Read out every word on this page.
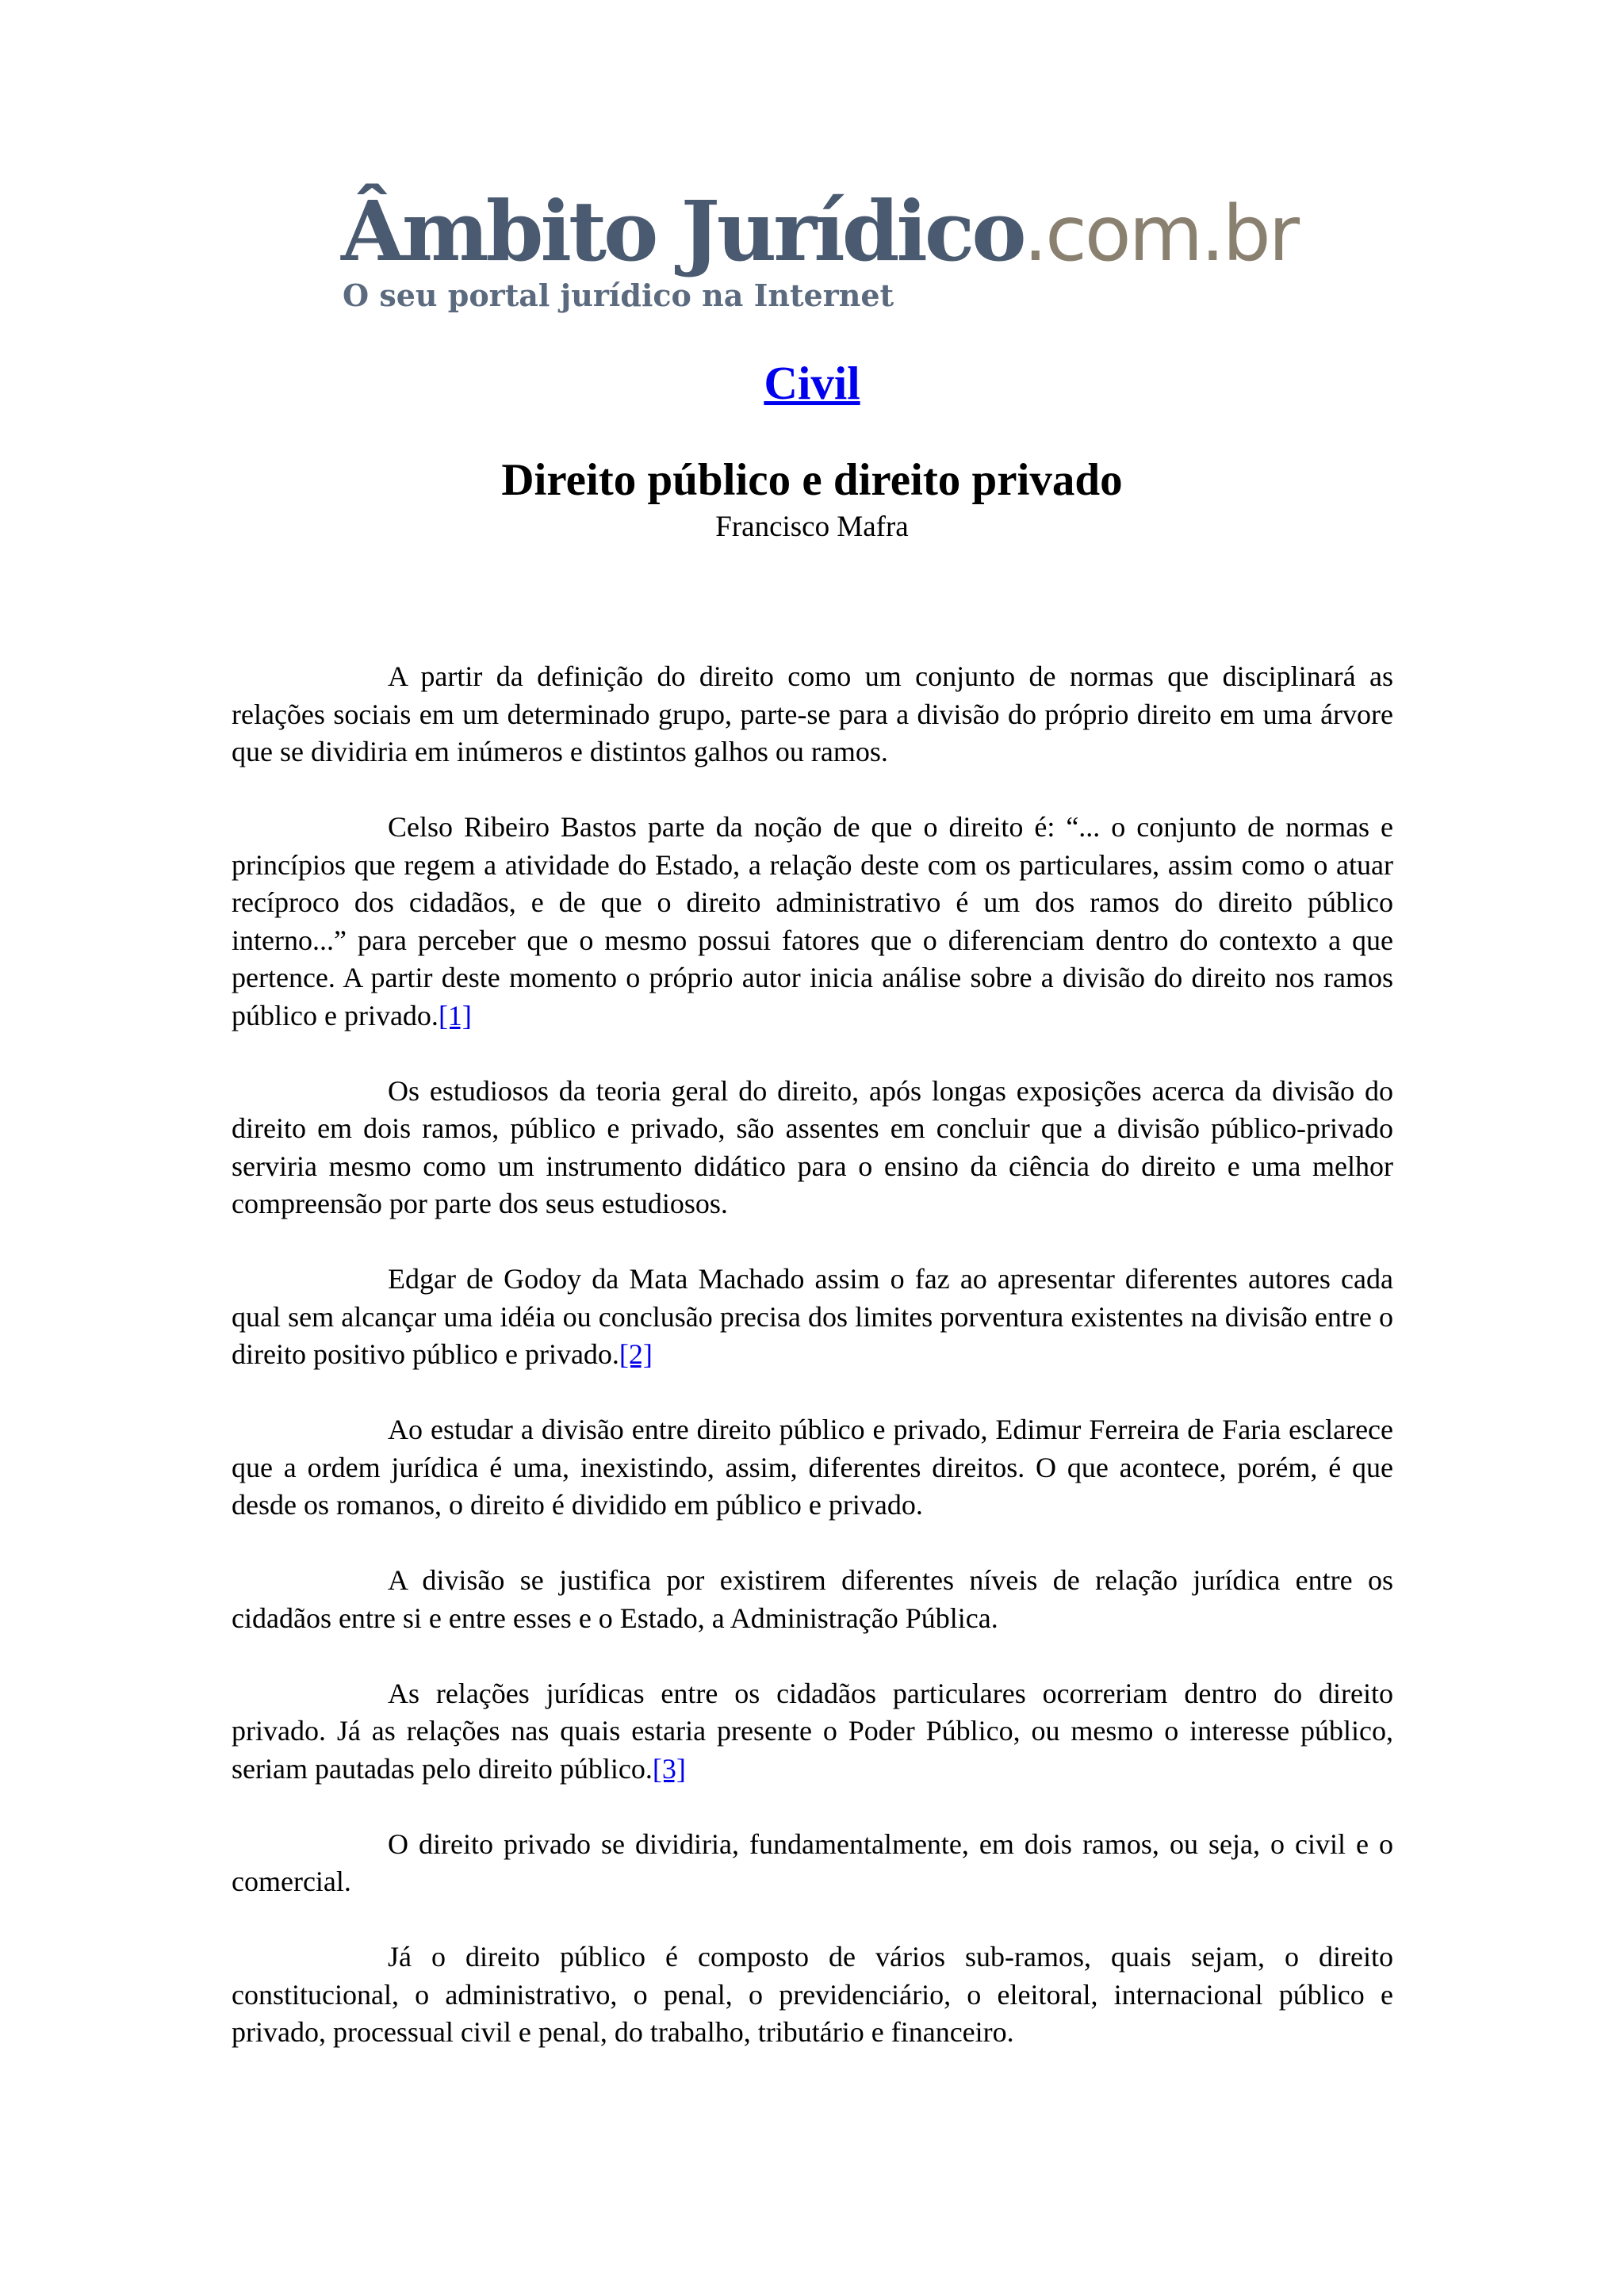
Âmbito Jurídico.com.br
O seu portal jurídico na Internet
Civil
Direito público e direito privado
Francisco Mafra

A partir da definição do direito como um conjunto de normas que disciplinará as relações sociais em um determinado grupo, parte-se para a divisão do próprio direito em uma árvore que se dividiria em inúmeros e distintos galhos ou ramos.

Celso Ribeiro Bastos parte da noção de que o direito é: “... o conjunto de normas e princípios que regem a atividade do Estado, a relação deste com os particulares, assim como o atuar recíproco dos cidadãos, e de que o direito administrativo é um dos ramos do direito público interno...” para perceber que o mesmo possui fatores que o diferenciam dentro do contexto a que pertence. A partir deste momento o próprio autor inicia análise sobre a divisão do direito nos ramos público e privado.[1]

Os estudiosos da teoria geral do direito, após longas exposições acerca da divisão do direito em dois ramos, público e privado, são assentes em concluir que a divisão público-privado serviria mesmo como um instrumento didático para o ensino da ciência do direito e uma melhor compreensão por parte dos seus estudiosos.

Edgar de Godoy da Mata Machado assim o faz ao apresentar diferentes autores cada qual sem alcançar uma idéia ou conclusão precisa dos limites porventura existentes na divisão entre o direito positivo público e privado.[2]

Ao estudar a divisão entre direito público e privado, Edimur Ferreira de Faria esclarece que a ordem jurídica é uma, inexistindo, assim, diferentes direitos. O que acontece, porém, é que desde os romanos, o direito é dividido em público e privado.

A divisão se justifica por existirem diferentes níveis de relação jurídica entre os cidadãos entre si e entre esses e o Estado, a Administração Pública.

As relações jurídicas entre os cidadãos particulares ocorreriam dentro do direito privado. Já as relações nas quais estaria presente o Poder Público, ou mesmo o interesse público, seriam pautadas pelo direito público.[3]

O direito privado se dividiria, fundamentalmente, em dois ramos, ou seja, o civil e o comercial.

Já o direito público é composto de vários sub-ramos, quais sejam, o direito constitucional, o administrativo, o penal, o previdenciário, o eleitoral, internacional público e privado, processual civil e penal, do trabalho, tributário e financeiro.
